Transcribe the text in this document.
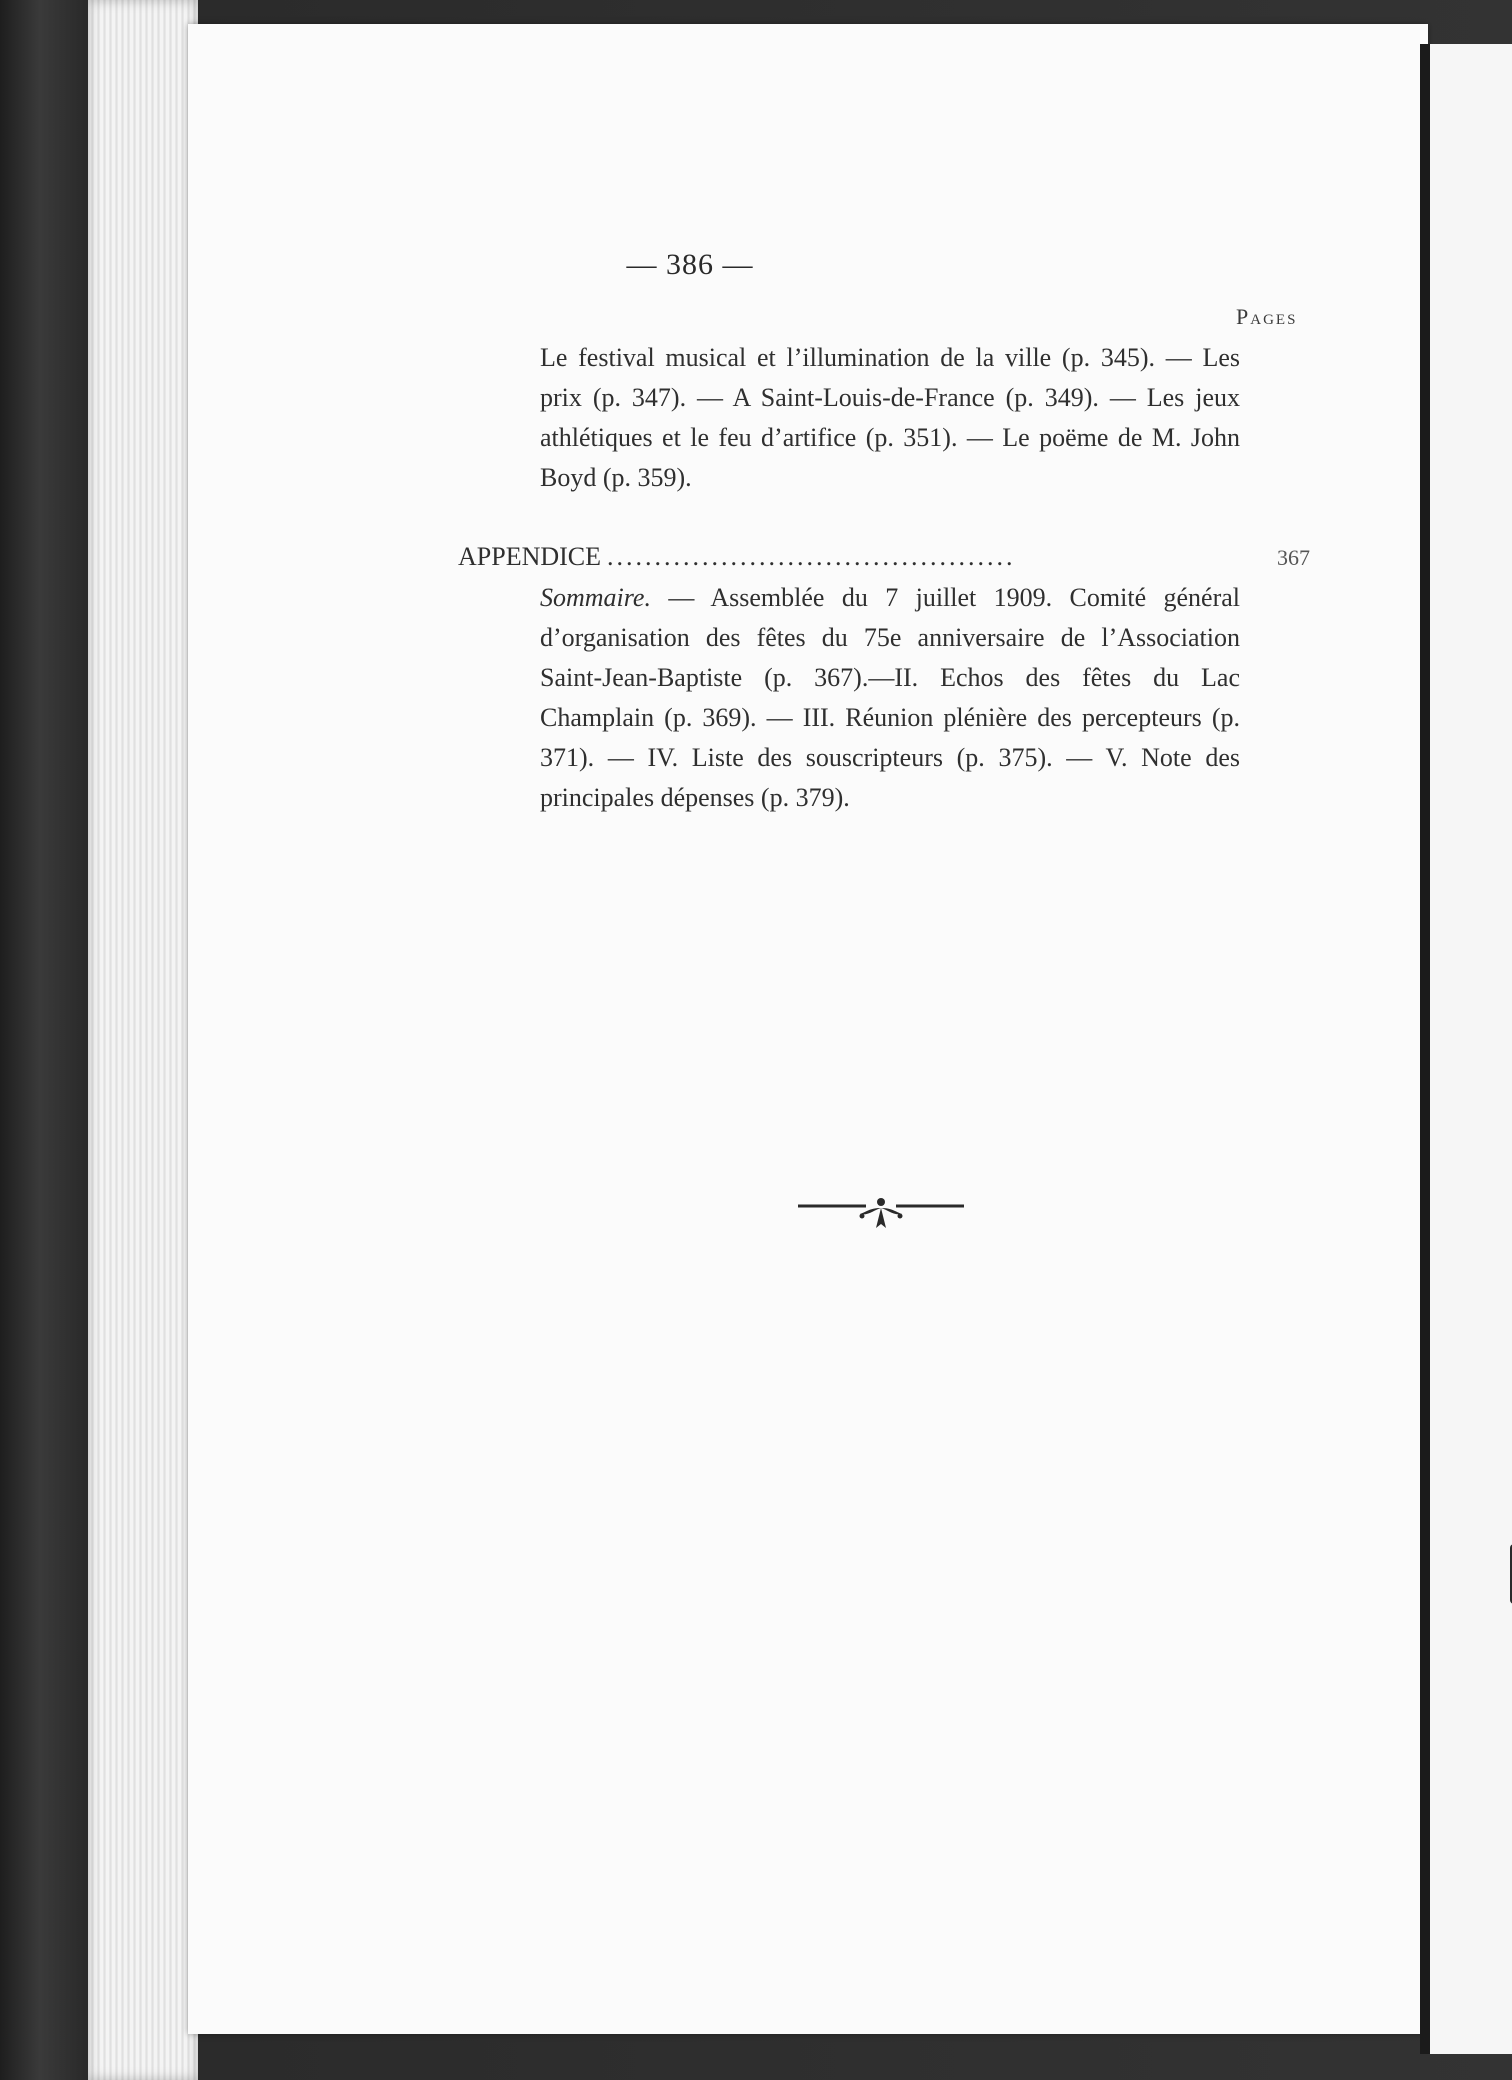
— 386 —
Pages
Le festival musical et l’illumination de la ville (p. 345). — Les prix (p. 347). — A Saint-Louis-de-France (p. 349). — Les jeux athlétiques et le feu d’artifice (p. 351). — Le poëme de M. John Boyd (p. 359).
APPENDICE ...........................................	367
Sommaire. — Assemblée du 7 juillet 1909. Comité général d’organisation des fêtes du 75e anniversaire de l’Association Saint-Jean-Baptiste (p. 367).—II. Echos des fêtes du Lac Champlain (p. 369). — III. Réunion plénière des percepteurs (p. 371). — IV. Liste des souscripteurs (p. 375). — V. Note des principales dépenses (p. 379).
